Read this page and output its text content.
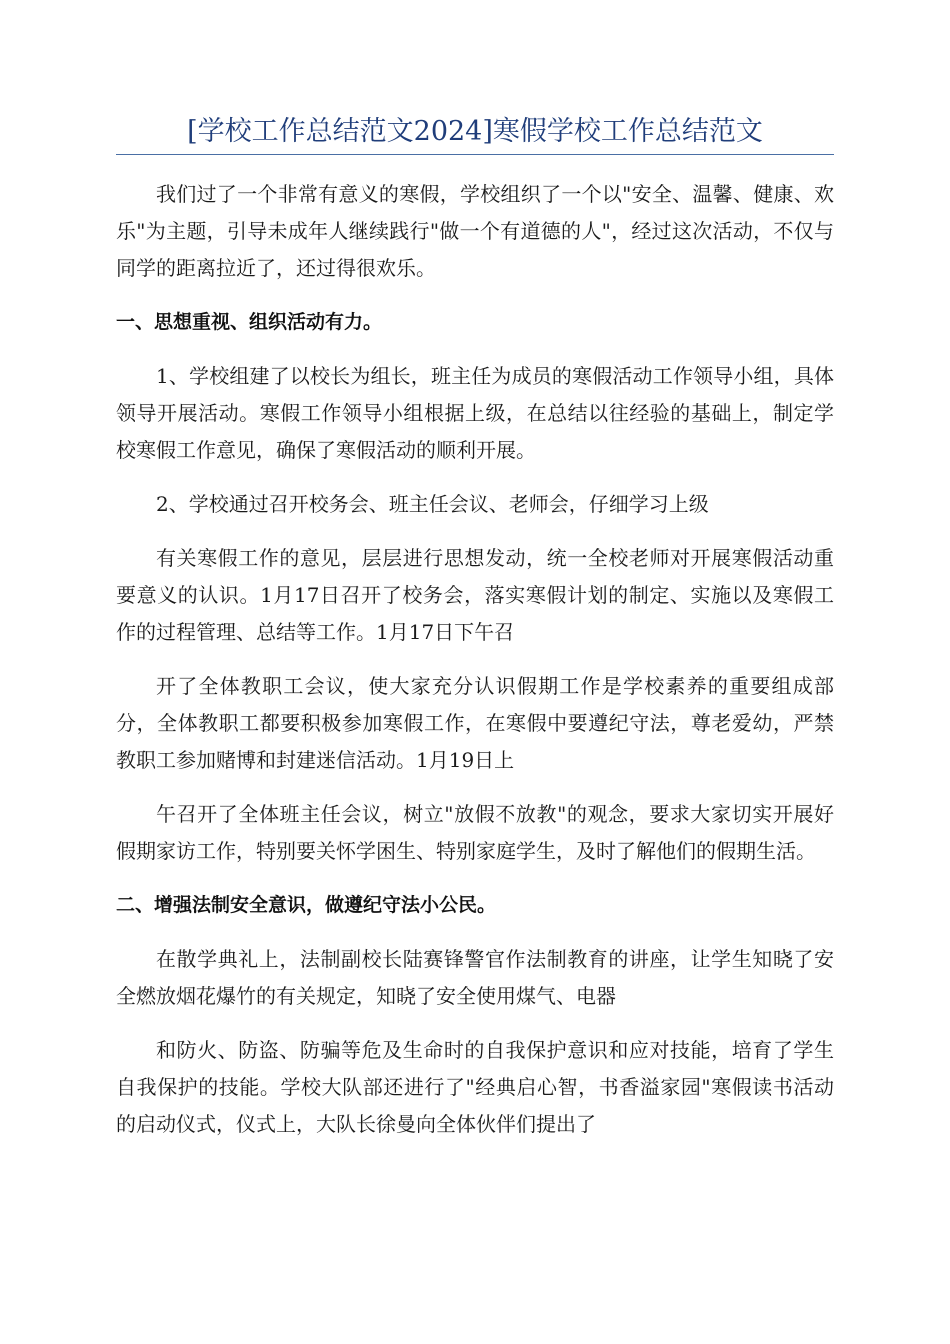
[学校工作总结范文2024]寒假学校工作总结范文

我们过了一个非常有意义的寒假，学校组织了一个以"安全、温馨、健康、欢乐"为主题，引导未成年人继续践行"做一个有道德的人"，经过这次活动，不仅与同学的距离拉近了，还过得很欢乐。

一、思想重视、组织活动有力。

1、学校组建了以校长为组长，班主任为成员的寒假活动工作领导小组，具体领导开展活动。寒假工作领导小组根据上级，在总结以往经验的基础上，制定学校寒假工作意见，确保了寒假活动的顺利开展。

2、学校通过召开校务会、班主任会议、老师会，仔细学习上级

有关寒假工作的意见，层层进行思想发动，统一全校老师对开展寒假活动重要意义的认识。1月17日召开了校务会，落实寒假计划的制定、实施以及寒假工作的过程管理、总结等工作。1月17日下午召

开了全体教职工会议，使大家充分认识假期工作是学校素养的重要组成部分，全体教职工都要积极参加寒假工作，在寒假中要遵纪守法，尊老爱幼，严禁教职工参加赌博和封建迷信活动。1月19日上

午召开了全体班主任会议，树立"放假不放教"的观念，要求大家切实开展好假期家访工作，特别要关怀学困生、特别家庭学生，及时了解他们的假期生活。

二、增强法制安全意识，做遵纪守法小公民。

在散学典礼上，法制副校长陆赛锋警官作法制教育的讲座，让学生知晓了安全燃放烟花爆竹的有关规定，知晓了安全使用煤气、电器

和防火、防盗、防骗等危及生命时的自我保护意识和应对技能，培育了学生自我保护的技能。学校大队部还进行了"经典启心智，书香溢家园"寒假读书活动的启动仪式，仪式上，大队长徐曼向全体伙伴们提出了
